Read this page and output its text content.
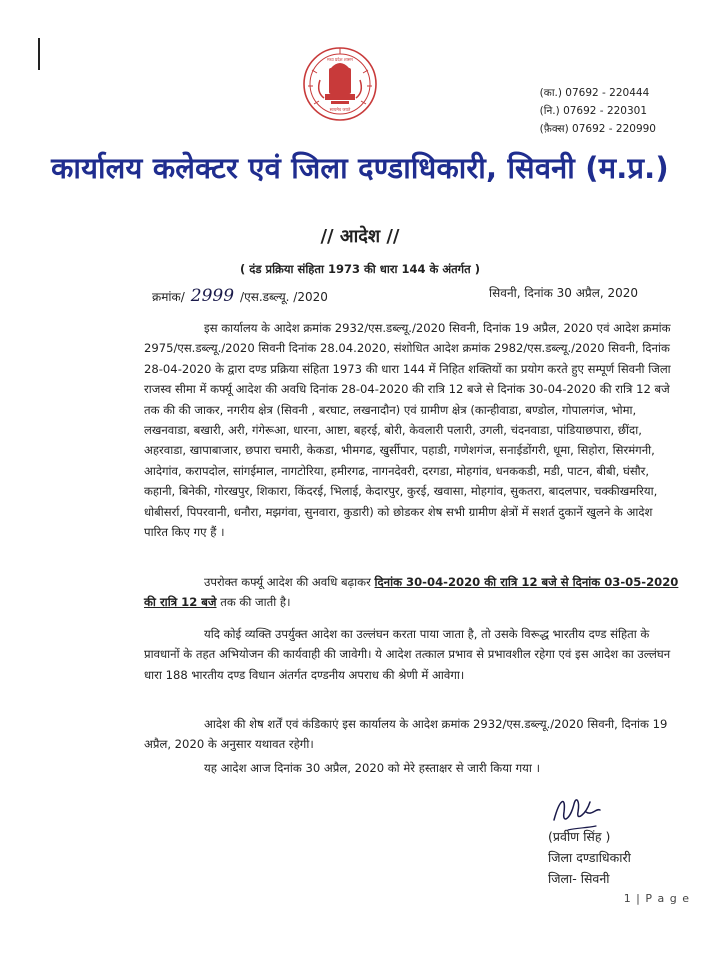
मध्य प्रदेश शासन
सत्यमेव जयते
(का.) 07692 - 220444
(नि.) 07692 - 220301
(फ़ैक्स) 07692 - 220990
कार्यालय कलेक्टर एवं जिला दण्डाधिकारी, सिवनी (म.प्र.)
// आदेश //
( दंड प्रक्रिया संहिता 1973 की धारा 144 के अंतर्गत )
क्रमांक/ 2999 /एस.डब्ल्यू. /2020	सिवनी, दिनांक 30 अप्रैल, 2020

इस कार्यालय के आदेश क्रमांक 2932/एस.डब्ल्यू./2020 सिवनी, दिनांक 19 अप्रैल, 2020 एवं आदेश क्रमांक 2975/एस.डब्ल्यू./2020 सिवनी दिनांक 28.04.2020, संशोधित आदेश क्रमांक 2982/एस.डब्ल्यू./2020 सिवनी, दिनांक 28-04-2020 के द्वारा दण्ड प्रक्रिया संहिता 1973 की धारा 144 में निहित शक्तियों का प्रयोग करते हुए सम्पूर्ण सिवनी जिला राजस्व सीमा में कर्फ्यू आदेश की अवधि दिनांक 28-04-2020 की रात्रि 12 बजे से दिनांक 30-04-2020 की रात्रि 12 बजे तक की की जाकर, नगरीय क्षेत्र (सिवनी , बरघाट, लखनादौन) एवं ग्रामीण क्षेत्र (कान्हीवाडा, बण्डोल, गोपालगंज, भोमा, लखनवाडा, बखारी, अरी, गंगेरूआ, धारना, आष्टा, बहरई, बोरी, केवलारी पलारी, उगली, चंदनवाडा, पांडियाछपारा, छींदा, अहरवाडा, खापाबाजार, छपारा चमारी, केकडा, भीमगढ, खुर्सीपार, पहाडी, गणेशगंज, सनाईडोंगरी, धूमा, सिहोरा, सिरमंगनी, आदेगांव, करापदोल, सांगईमाल, नागटोरिया, हमीरगढ, नागनदेवरी, दरगडा, मोहगांव, धनककडी, मडी, पाटन, बीबी, घंसौर, कहानी, बिनेकी, गोरखपुर, शिकारा, किंदरई, भिलाई, केदारपुर, कुरई, खवासा, मोहगांव, सुकतरा, बादलपार, चक्कीखमरिया, धोबीसर्रा, पिपरवानी, धनौरा, मझगंवा, सुनवारा, कुडारी) को छोडकर शेष सभी ग्रामीण क्षेत्रों में सशर्त दुकानें खुलने के आदेश पारित किए गए हैं ।

उपरोक्त कर्फ्यू आदेश की अवधि बढ़ाकर दिनांक 30-04-2020 की रात्रि 12 बजे से दिनांक 03-05-2020 की रात्रि 12 बजे तक की जाती है।

यदि कोई व्यक्ति उपर्युक्त आदेश का उल्लंघन करता पाया जाता है, तो उसके विरूद्ध भारतीय दण्ड संहिता के प्रावधानों के तहत अभियोजन की कार्यवाही की जावेगी। ये आदेश तत्काल प्रभाव से प्रभावशील रहेगा एवं इस आदेश का उल्लंघन धारा 188 भारतीय दण्ड विधान अंतर्गत दण्डनीय अपराध की श्रेणी में आवेगा।

आदेश की शेष शर्तें एवं कंडिकाएं इस कार्यालय के आदेश क्रमांक 2932/एस.डब्ल्यू./2020 सिवनी, दिनांक 19 अप्रैल, 2020 के अनुसार यथावत रहेगी।

यह आदेश आज दिनांक 30 अप्रैल, 2020 को मेरे हस्ताक्षर से जारी किया गया ।

(प्रवीण सिंह )
जिला दण्डाधिकारी
जिला- सिवनी
1 | P a g e
